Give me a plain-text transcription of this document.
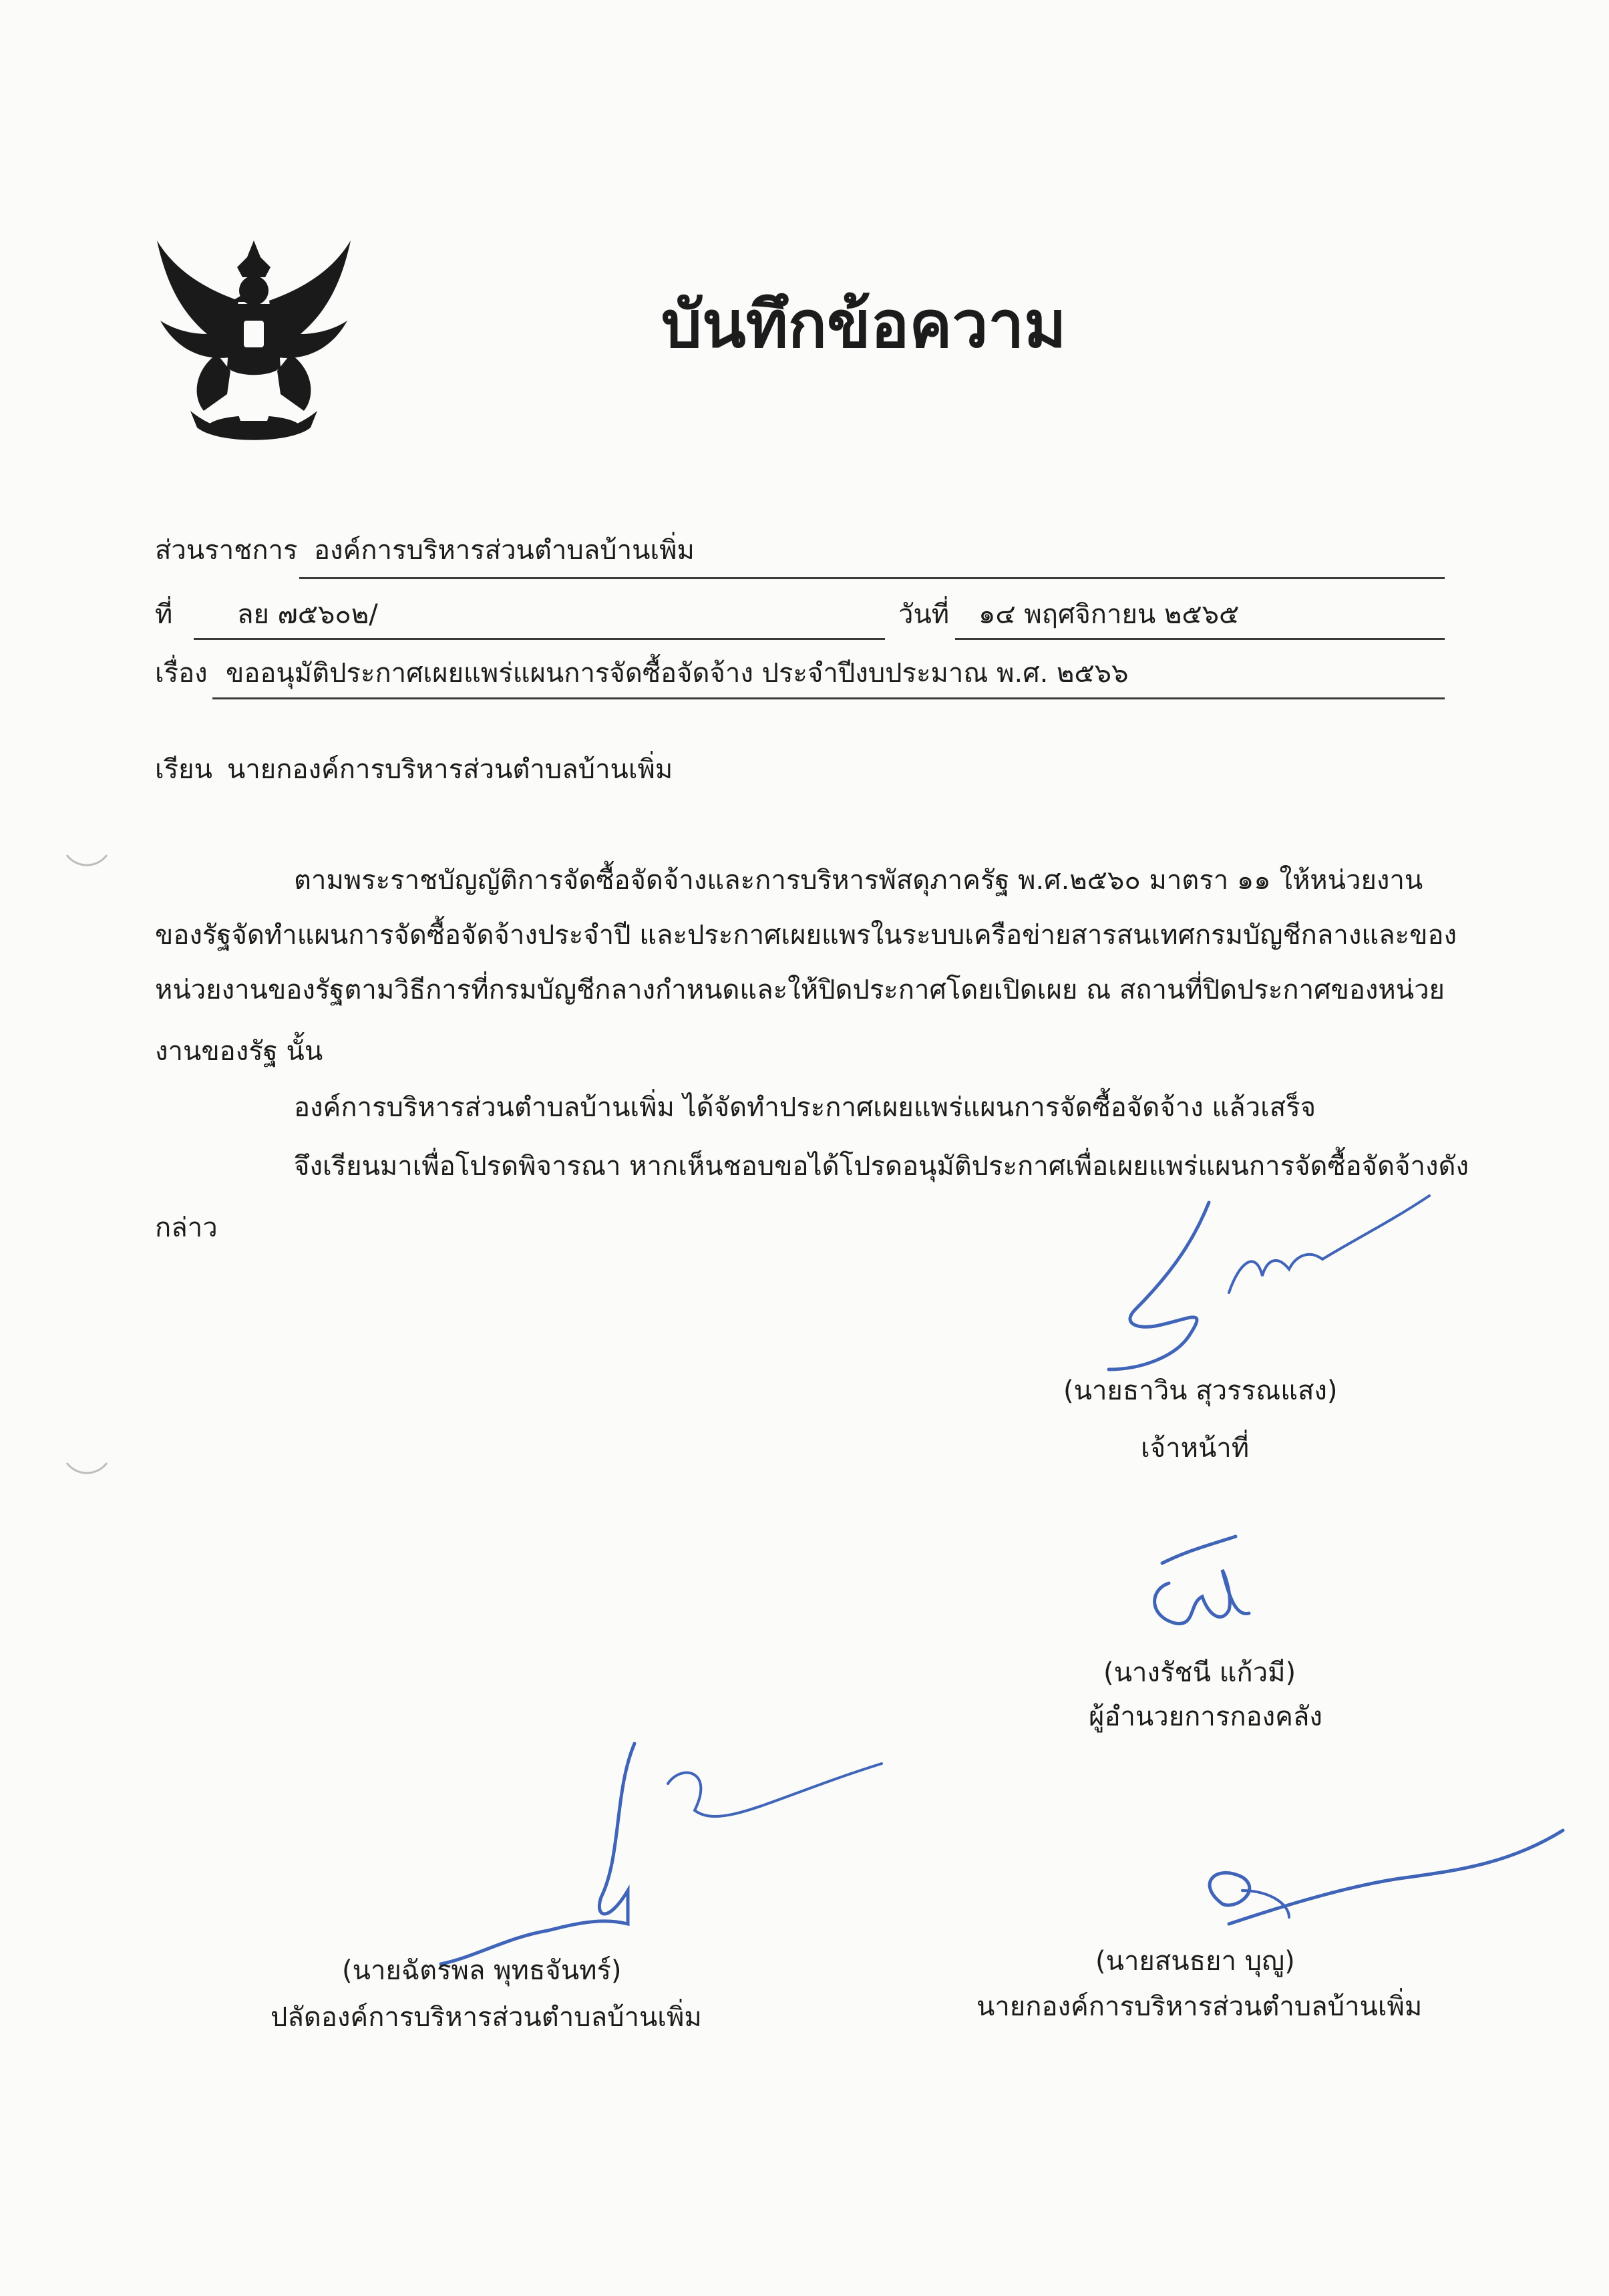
บันทึกข้อความ
ส่วนราชการ องค์การบริหารส่วนตำบลบ้านเพิ่ม
ที่ ลย ๗๕๖๐๒/	วันที่ ๑๔ พฤศจิกายน ๒๕๖๕
เรื่อง ขออนุมัติประกาศเผยแพร่แผนการจัดซื้อจัดจ้าง ประจำปีงบประมาณ พ.ศ. ๒๕๖๖
เรียน นายกองค์การบริหารส่วนตำบลบ้านเพิ่ม
ตามพระราชบัญญัติการจัดซื้อจัดจ้างและการบริหารพัสดุภาครัฐ พ.ศ.๒๕๖๐ มาตรา ๑๑ ให้หน่วยงาน
ของรัฐจัดทำแผนการจัดซื้อจัดจ้างประจำปี และประกาศเผยแพรในระบบเครือข่ายสารสนเทศกรมบัญชีกลางและของ
หน่วยงานของรัฐตามวิธีการที่กรมบัญชีกลางกำหนดและให้ปิดประกาศโดยเปิดเผย ณ สถานที่ปิดประกาศของหน่วย
งานของรัฐ นั้น
องค์การบริหารส่วนตำบลบ้านเพิ่ม ได้จัดทำประกาศเผยแพร่แผนการจัดซื้อจัดจ้าง แล้วเสร็จ
จึงเรียนมาเพื่อโปรดพิจารณา หากเห็นชอบขอได้โปรดอนุมัติประกาศเพื่อเผยแพร่แผนการจัดซื้อจัดจ้างดัง
กล่าว
(นายธาวิน สุวรรณแสง)
เจ้าหน้าที่
(นางรัชนี แก้วมี)
ผู้อำนวยการกองคลัง
(นายฉัตรพล พุทธจันทร์)
ปลัดองค์การบริหารส่วนตำบลบ้านเพิ่ม
(นายสนธยา บุญู)
นายกองค์การบริหารส่วนตำบลบ้านเพิ่ม
